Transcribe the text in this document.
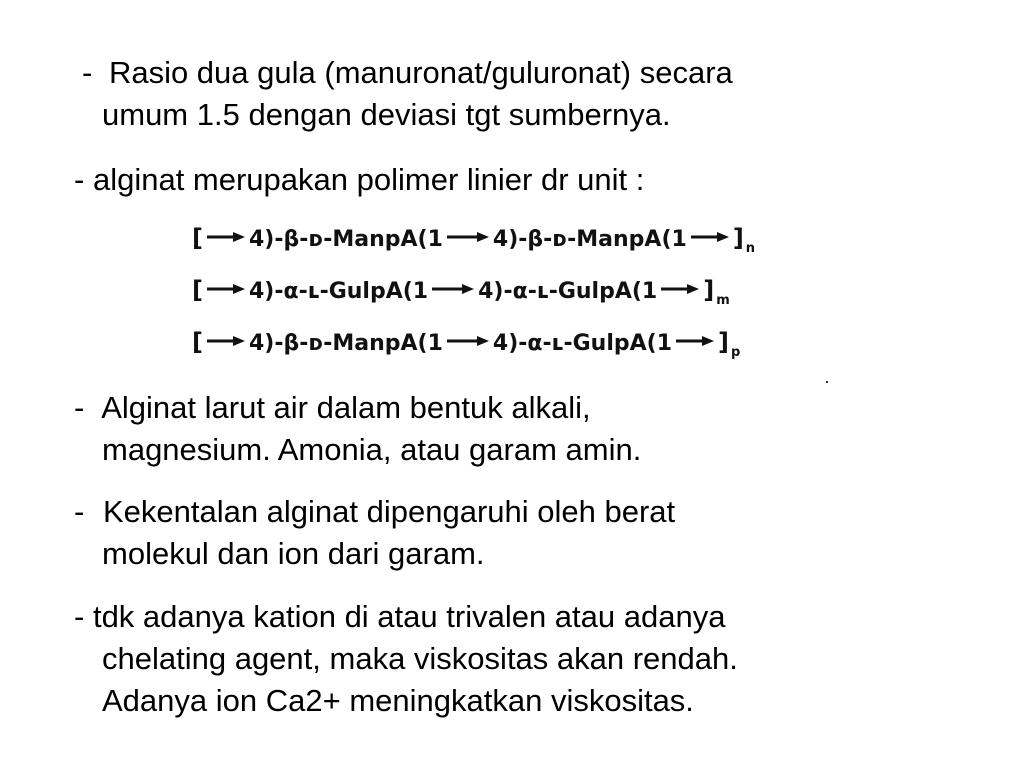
- Rasio dua gula (manuronat/guluronat) secara
umum 1.5 dengan deviasi tgt sumbernya.
- alginat merupakan polimer linier dr unit :
[ 4)-β-ᴅ-ManpA(1 4)-β-ᴅ-ManpA(1 ] n
[ 4)-α-ʟ-GulpA(1 4)-α-ʟ-GulpA(1 ] m
[ 4)-β-ᴅ-ManpA(1 4)-α-ʟ-GulpA(1 ] p
- Alginat larut air dalam bentuk alkali,
magnesium. Amonia, atau garam amin.
- Kekentalan alginat dipengaruhi oleh berat
molekul dan ion dari garam.
- tdk adanya kation di atau trivalen atau adanya
chelating agent, maka viskositas akan rendah.
Adanya ion Ca2+ meningkatkan viskositas.
